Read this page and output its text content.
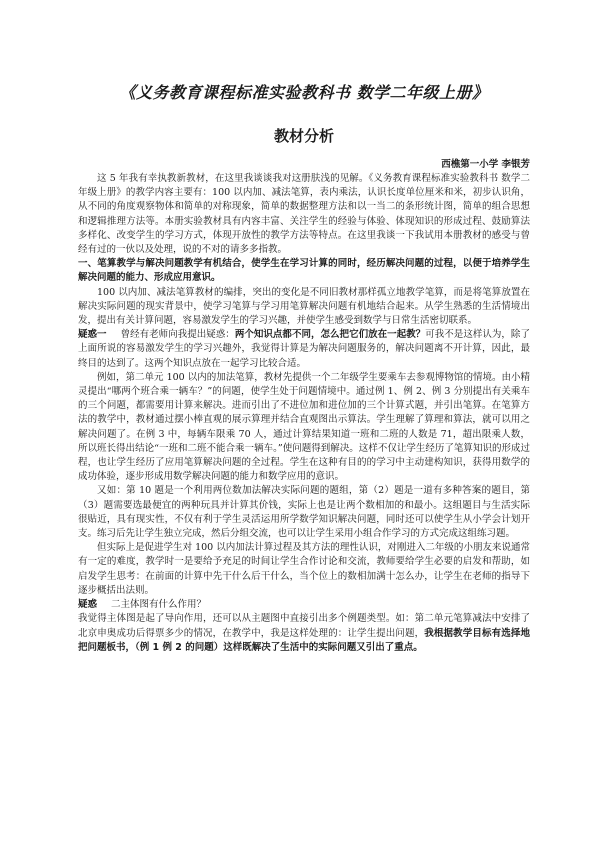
《义务教育课程标准实验教科书 数学二年级上册》
教材分析
西樵第一小学 李银芳

这 5 年我有幸执教新教材，在这里我谈谈我对这册肤浅的见解。《义务教育课程标准实验教科书 数学二年级上册》的教学内容主要有：100 以内加、减法笔算，表内乘法，认识长度单位厘米和米，初步认识角，从不同的角度观察物体和简单的对称现象，简单的数据整理方法和以一当二的条形统计图，简单的组合思想和逻辑推理方法等。本册实验教材具有内容丰富、关注学生的经验与体验、体现知识的形成过程、鼓励算法多样化、改变学生的学习方式，体现开放性的教学方法等特点。在这里我谈一下我试用本册教材的感受与曾经有过的一伙以及处理，说的不对的请多多指教。

一、笔算教学与解决问题教学有机结合，使学生在学习计算的同时，经历解决问题的过程，以便于培养学生解决问题的能力、形成应用意识。

100 以内加、减法笔算教材的编排，突出的变化是不同旧教材那样孤立地教学笔算，而是将笔算放置在解决实际问题的现实背景中，使学习笔算与学习用笔算解决问题有机地结合起来。从学生熟悉的生活情境出发，提出有关计算问题，容易激发学生的学习兴趣，并使学生感受到数学与日常生活密切联系。

疑惑一 曾经有老师向我提出疑惑：两个知识点都不同，怎么把它们放在一起教？可我不是这样认为，除了上面所说的容易激发学生的学习兴趣外，我觉得计算是为解决问题服务的，解决问题离不开计算，因此，最终目的达到了。这两个知识点放在一起学习比较合适。

例如，第二单元 100 以内的加法笔算，教材先提供一个二年级学生要乘车去参观博物馆的情境。由小精灵提出“哪两个班合乘一辆车？”的问题，使学生处于问题情境中。通过例 1、例 2、例 3 分别提出有关乘车的三个问题，都需要用计算来解决。进而引出了不进位加和进位加的三个计算式题，并引出笔算。在笔算方法的教学中，教材通过摆小棒直观的展示算理并结合直观图出示算法。学生理解了算理和算法，就可以用之解决问题了。在例 3 中，每辆车限乘 70 人，通过计算结果知道一班和二班的人数是 71，超出限乘人数，所以班长得出结论“一班和二班不能合乘一辆车。”使问题得到解决。这样不仅让学生经历了笔算知识的形成过程，也让学生经历了应用笔算解决问题的全过程。学生在这种有目的的学习中主动建构知识，获得用数学的成功体验，逐步形成用数学解决问题的能力和数学应用的意识。

又如：第 10 题是一个利用两位数加法解决实际问题的题组，第（2）题是一道有多种答案的题目，第（3）题需要选最便宜的两种玩具并计算其价钱，实际上也是让两个数相加的和最小。这组题目与生活实际很贴近，具有现实性，不仅有利于学生灵活运用所学数学知识解决问题，同时还可以使学生从小学会计划开支。练习后先让学生独立完成，然后分组交流，也可以让学生采用小组合作学习的方式完成这组练习题。

但实际上是促进学生对 100 以内加法计算过程及其方法的理性认识，对刚进入二年级的小朋友来说通常有一定的难度，教学时一是要给予充足的时间让学生合作讨论和交流，教师要给学生必要的启发和帮助，如启发学生思考：在前面的计算中先干什么后干什么，当个位上的数相加满十怎么办，让学生在老师的指导下逐步概括出法则。

疑惑 二主体图有什么作用？

我觉得主体图是起了导向作用，还可以从主题图中直接引出多个例题类型。如：第二单元笔算减法中安排了北京申奥成功后得票多少的情况，在教学中，我是这样处理的：让学生提出问题，我根据教学目标有选择地把问题板书，（例 1 例 2 的问题）这样既解决了生活中的实际问题又引出了重点。
